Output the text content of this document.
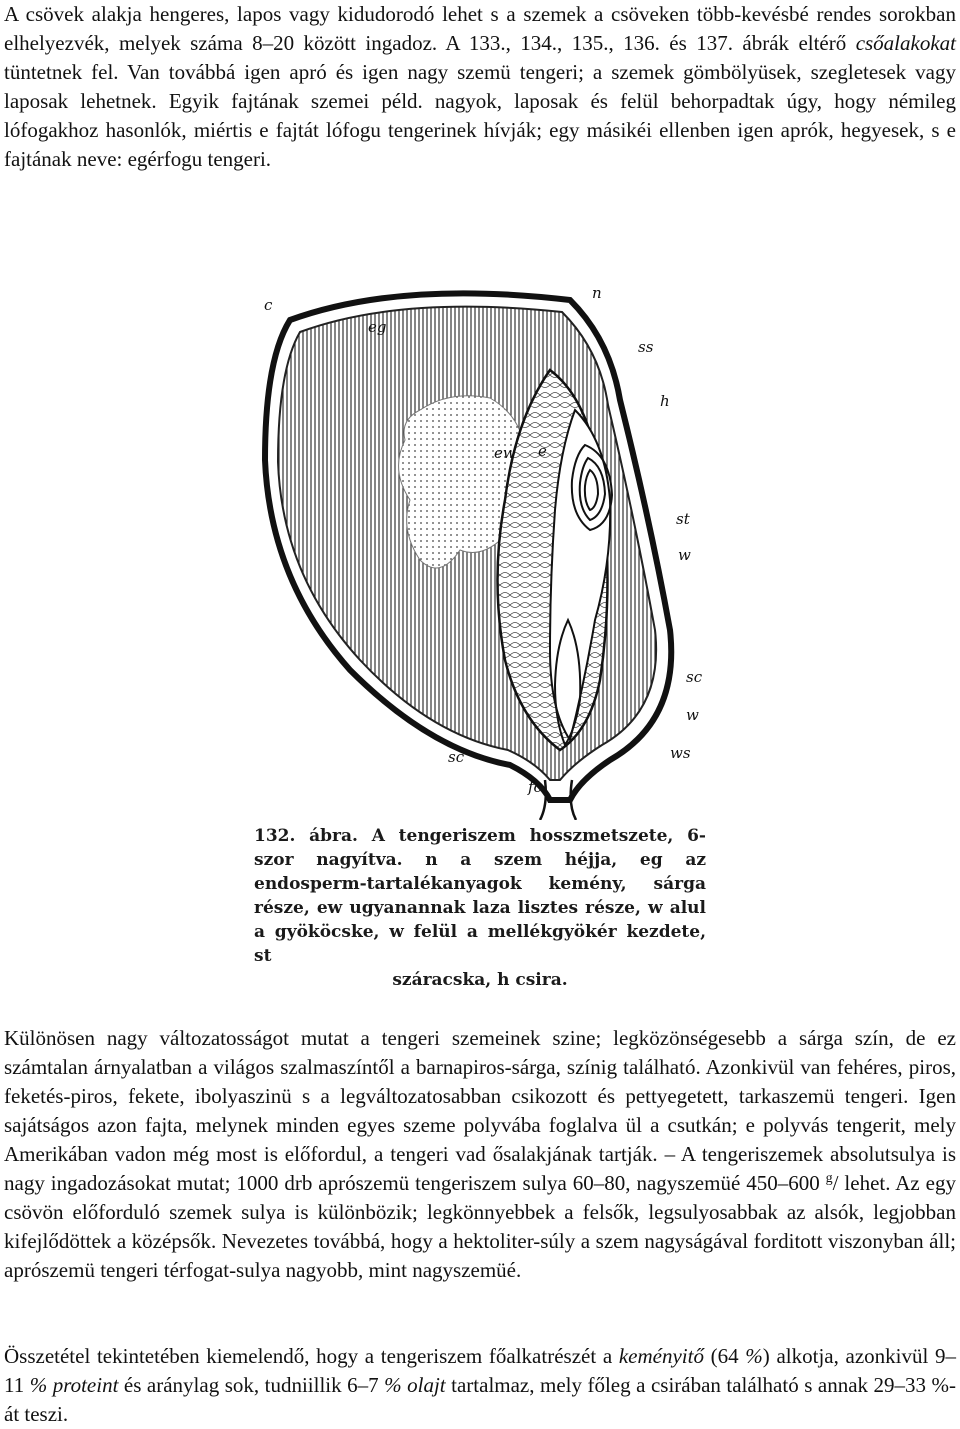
A csövek alakja hengeres, lapos vagy kidudorodó lehet s a szemek a csöveken több-kevésbé rendes sorokban elhelyezvék, melyek száma 8–20 között ingadoz. A 133., 134., 135., 136. és 137. ábrák eltérő csőalakokat tüntetnek fel. Van továbbá igen apró és igen nagy szemü tengeri; a szemek gömbölyüsek, szegletesek vagy laposak lehetnek. Egyik fajtának szemei péld. nagyok, laposak és felül behorpadtak úgy, hogy némileg lófogakhoz hasonlók, miértis e fajtát lófogu tengerinek hívják; egy másikéi ellenben igen aprók, hegyesek, s e fajtának neve: egérfogu tengeri.

c
n
eg
ss
h
ew e
st
w
sc
w
ws
sc
fc

132. ábra. A tengeriszem hosszmetszete, 6-szor nagyítva. n a szem héjja, eg az endosperm-tartalékanyagok kemény, sárga része, ew ugyanannak laza lisztes része, w alul a gyököcske, w felül a mellékgyökér kezdete, st
száracska, h csira.

Különösen nagy változatosságot mutat a tengeri szemeinek szine; legközönségesebb a sárga szín, de ez számtalan árnyalatban a világos szalmaszíntől a barnapiros-sárga, színig található. Azonkivül van fehéres, piros, feketés-piros, fekete, ibolyaszinü s a legváltozatosabban csikozott és pettyegetett, tarkaszemü tengeri. Igen sajátságos azon fajta, melynek minden egyes szeme polyvába foglalva ül a csutkán; e polyvás tengerit, mely Amerikában vadon még most is előfordul, a tengeri vad ősalakjának tartják. – A tengeriszemek absolutsulya is nagy ingadozásokat mutat; 1000 drb aprószemü tengeriszem sulya 60–80, nagyszemüé 450–600 $^g$/ lehet. Az egy csövön előforduló szemek sulya is különbözik; legkönnyebbek a felsők, legsulyosabbak az alsók, legjobban kifejlődöttek a középsők. Nevezetes továbbá, hogy a hektoliter-súly a szem nagyságával forditott viszonyban áll; aprószemü tengeri térfogat-sulya nagyobb, mint nagyszemüé.

Összetétel tekintetében kiemelendő, hogy a tengeriszem főalkatrészét a keményitő (64 %) alkotja, azonkivül 9–11 % proteint és aránylag sok, tudniillik 6–7 % olajt tartalmaz, mely főleg a csirában található s annak 29–33 %-át teszi.
